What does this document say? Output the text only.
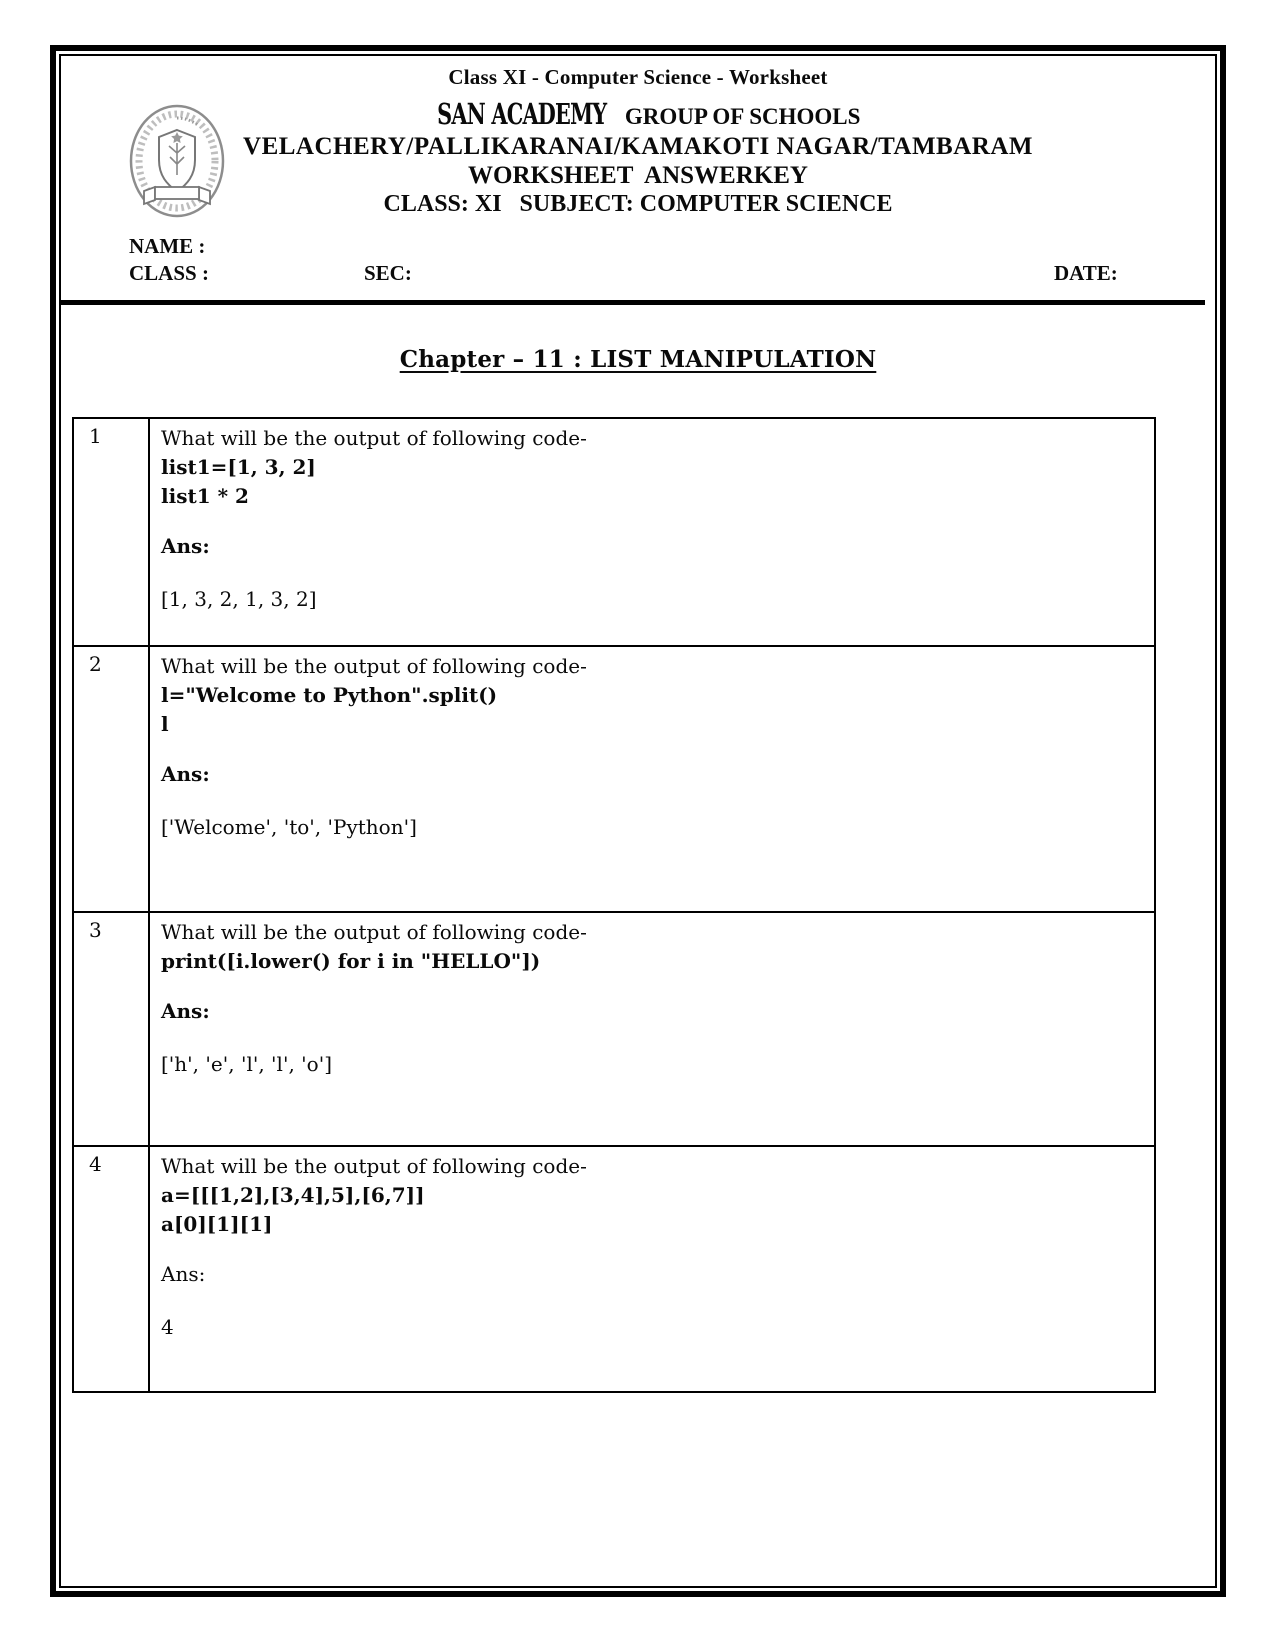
Class XI - Computer Science - Worksheet
SAN ACADEMY GROUP OF SCHOOLS
VELACHERY/PALLIKARANAI/KAMAKOTI NAGAR/TAMBARAM
WORKSHEET  ANSWERKEY
CLASS: XI   SUBJECT: COMPUTER SCIENCE
NAME :
CLASS :	SEC:	DATE:
Chapter – 11 : LIST MANIPULATION
1	What will be the output of following code-
list1=[1, 3, 2]
list1 * 2
Ans:
[1, 3, 2, 1, 3, 2]

2	What will be the output of following code-
l="Welcome to Python".split()
l
Ans:
['Welcome', 'to', 'Python']

3	What will be the output of following code-
print([i.lower() for i in "HELLO"])
Ans:
['h', 'e', 'l', 'l', 'o']

4	What will be the output of following code-
a=[[[1,2],[3,4],5],[6,7]]
a[0][1][1]
Ans:
4
